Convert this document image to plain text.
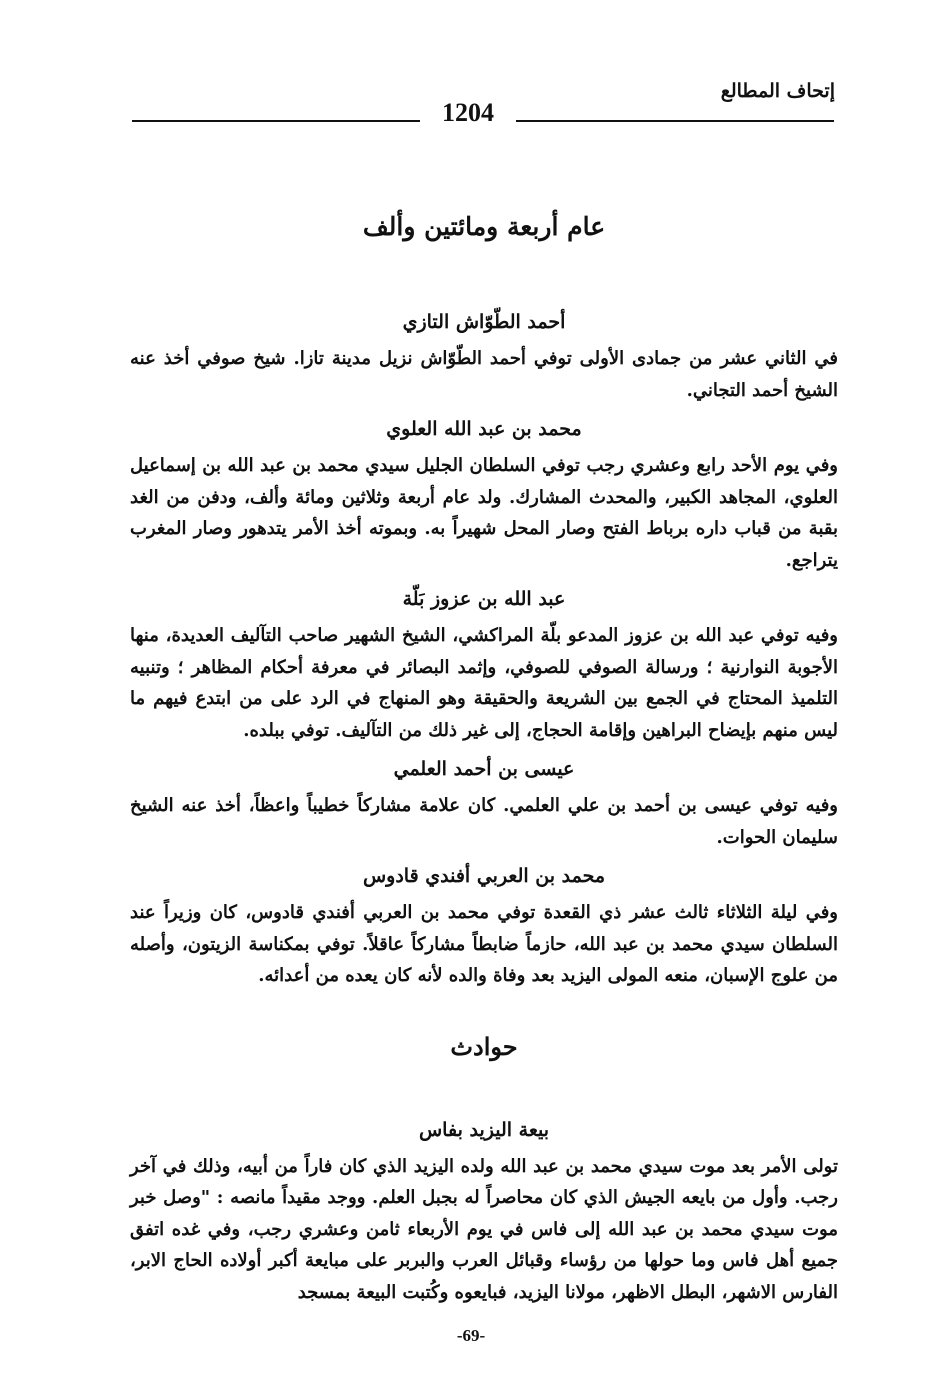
إتحاف المطالع
1204
عام أربعة ومائتين وألف
أحمد الطّوّاش التازي

في الثاني عشر من جمادى الأولى توفي أحمد الطّوّاش نزيل مدينة تازا. شيخ صوفي أخذ عنه الشيخ أحمد التجاني.

محمد بن عبد الله العلوي

وفي يوم الأحد رابع وعشري رجب توفي السلطان الجليل سيدي محمد بن عبد الله بن إسماعيل العلوي، المجاهد الكبير، والمحدث المشارك. ولد عام أربعة وثلاثين ومائة وألف، ودفن من الغد بقبة من قباب داره برباط الفتح وصار المحل شهيراً به. وبموته أخذ الأمر يتدهور وصار المغرب يتراجع.

عبد الله بن عزوز بَلّة

وفيه توفي عبد الله بن عزوز المدعو بلّة المراكشي، الشيخ الشهير صاحب التآليف العديدة، منها الأجوبة النوارنية ؛ ورسالة الصوفي للصوفي، وإثمد البصائر في معرفة أحكام المظاهر ؛ وتنبيه التلميذ المحتاج في الجمع بين الشريعة والحقيقة وهو المنهاج في الرد على من ابتدع فيهم ما ليس منهم بإيضاح البراهين وإقامة الحجاج، إلى غير ذلك من التآليف. توفي ببلده.

عيسى بن أحمد العلمي

وفيه توفي عيسى بن أحمد بن علي العلمي. كان علامة مشاركاً خطيباً واعظاً، أخذ عنه الشيخ سليمان الحوات.

محمد بن العربي أفندي قادوس

وفي ليلة الثلاثاء ثالث عشر ذي القعدة توفي محمد بن العربي أفندي قادوس، كان وزيراً عند السلطان سيدي محمد بن عبد الله، حازماً ضابطاً مشاركاً عاقلاً. توفي بمكناسة الزيتون، وأصله من علوج الإسبان، منعه المولى اليزيد بعد وفاة والده لأنه كان يعده من أعدائه.

حوادث
بيعة اليزيد بفاس

تولى الأمر بعد موت سيدي محمد بن عبد الله ولده اليزيد الذي كان فاراً من أبيه، وذلك في آخر رجب. وأول من بايعه الجيش الذي كان محاصراً له بجبل العلم. ووجد مقيداً مانصه : "وصل خبر موت سيدي محمد بن عبد الله إلى فاس في يوم الأربعاء ثامن وعشري رجب، وفي غده اتفق جميع أهل فاس وما حولها من رؤساء وقبائل العرب والبربر على مبايعة أكبر أولاده الحاج الابر، الفارس الاشهر، البطل الاظهر، مولانا اليزيد، فبايعوه وكُتبت البيعة بمسجد

-69-
